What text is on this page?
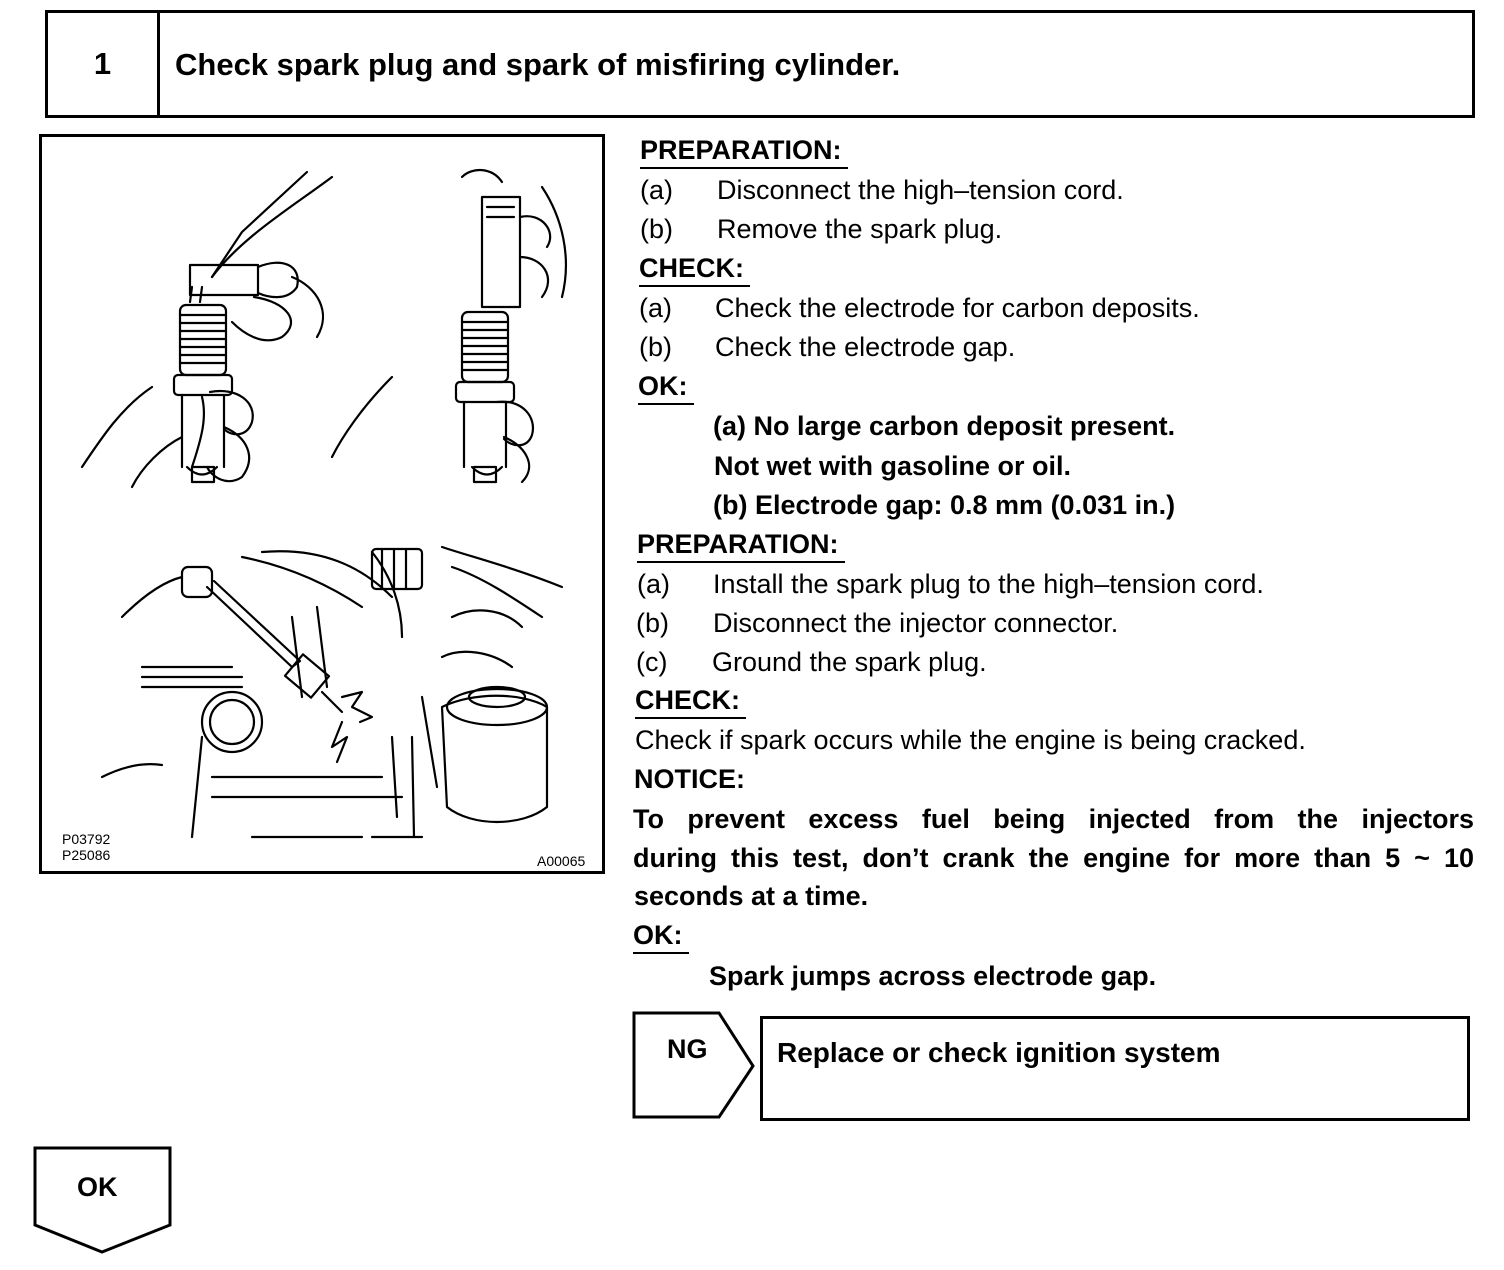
1	Check spark plug and spark of misfiring cylinder.
P03792
P25086	A00065
PREPARATION:
(a) Disconnect the high–tension cord.
(b) Remove the spark plug.
CHECK:
(a) Check the electrode for carbon deposits.
(b) Check the electrode gap.
OK:
(a) No large carbon deposit present.
Not wet with gasoline or oil.
(b) Electrode gap: 0.8 mm (0.031 in.)
PREPARATION:
(a) Install the spark plug to the high–tension cord.
(b) Disconnect the injector connector.
(c) Ground the spark plug.
CHECK:
Check if spark occurs while the engine is being cracked.
NOTICE:
To prevent excess fuel being injected from the injectors
during this test, don’t crank the engine for more than 5 ~ 10
seconds at a time.
OK:
Spark jumps across electrode gap.
NG Replace or check ignition system
OK
